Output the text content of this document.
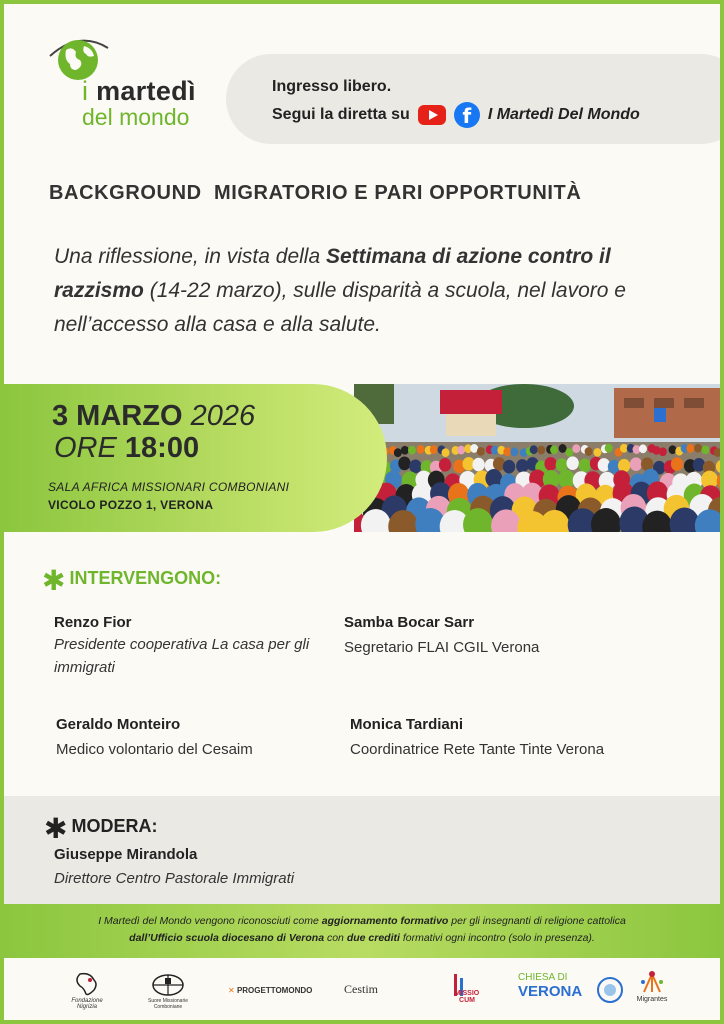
i martedì
del mondo
Ingresso libero.
Segui la diretta su	f	I Martedì Del Mondo
BACKGROUND  MIGRATORIO E PARI OPPORTUNITÀ
Una riflessione, in vista della Settimana di azione contro il razzismo (14-22 marzo), sulle disparità a scuola, nel lavoro e nell’accesso alla casa e alla salute.
3 MARZO 2026
ORE 18:00
SALA AFRICA MISSIONARI COMBONIANI
VICOLO POZZO 1, VERONA
✱ INTERVENGONO:
Renzo Fior
Presidente cooperativa La casa per gli immigrati
Samba Bocar Sarr
Segretario FLAI CGIL Verona
Geraldo Monteiro
Medico volontario del Cesaim
Monica Tardiani
Coordinatrice Rete Tante Tinte Verona
✱ MODERA:
Giuseppe Mirandola
Direttore Centro Pastorale Immigrati
I Martedì del Mondo vengono riconosciuti come aggiornamento formativo per gli insegnanti di religione cattolica
dall’Ufficio scuola diocesano di Verona con due crediti formativi ogni incontro (solo in presenza).
Fondazione Nigrizia
Suore Missionarie Comboniane
✕ PROGETTOMONDO	Cestim	MISSIO CUM
CHIESA DI
VERONA	Migrantes
